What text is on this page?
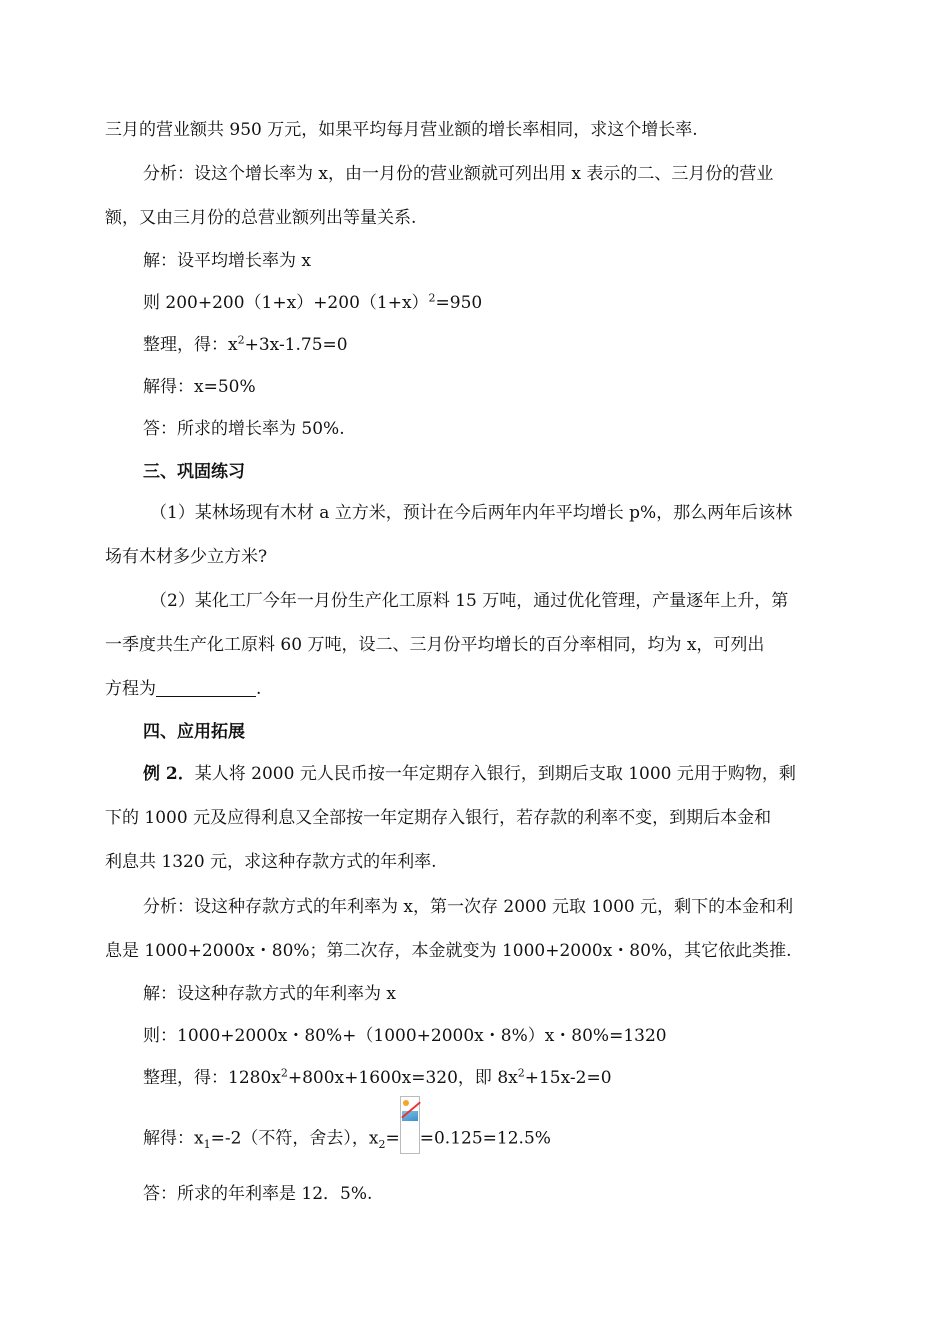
三月的营业额共 950 万元，如果平均每月营业额的增长率相同，求这个增长率.
分析：设这个增长率为 x，由一月份的营业额就可列出用 x 表示的二、三月份的营业
额，又由三月份的总营业额列出等量关系.
解：设平均增长率为 x
则 $200+200(1+x)+200(1+x)^2=950$
整理，得：$x^2+3x-1.75=0$
解得：x=50%
答：所求的增长率为 50%.
三、巩固练习
（1）某林场现有木材 a 立方米，预计在今后两年内年平均增长 p%，那么两年后该林
场有木材多少立方米?
（2）某化工厂今年一月份生产化工原料 15 万吨，通过优化管理，产量逐年上升，第
一季度共生产化工原料 60 万吨，设二、三月份平均增长的百分率相同，均为 x，可列出
方程为	.
四、应用拓展
例 2．某人将 2000 元人民币按一年定期存入银行，到期后支取 1000 元用于购物，剩
下的 1000 元及应得利息又全部按一年定期存入银行，若存款的利率不变，到期后本金和
利息共 1320 元，求这种存款方式的年利率.
分析：设这种存款方式的年利率为 x，第一次存 2000 元取 1000 元，剩下的本金和利
息是 1000+2000x・80%；第二次存，本金就变为 1000+2000x・80%，其它依此类推.
解：设这种存款方式的年利率为 x
则：1000+2000x・80%+（1000+2000x・8%）x・80%=1320
整理，得：$1280x^2+800x+1600x=320$，即 $8x^2+15x-2=0$
解得：$x_1=-2$（不符，舍去），$x_2= =0.125=12.5\%$
答：所求的年利率是 12．5%.
